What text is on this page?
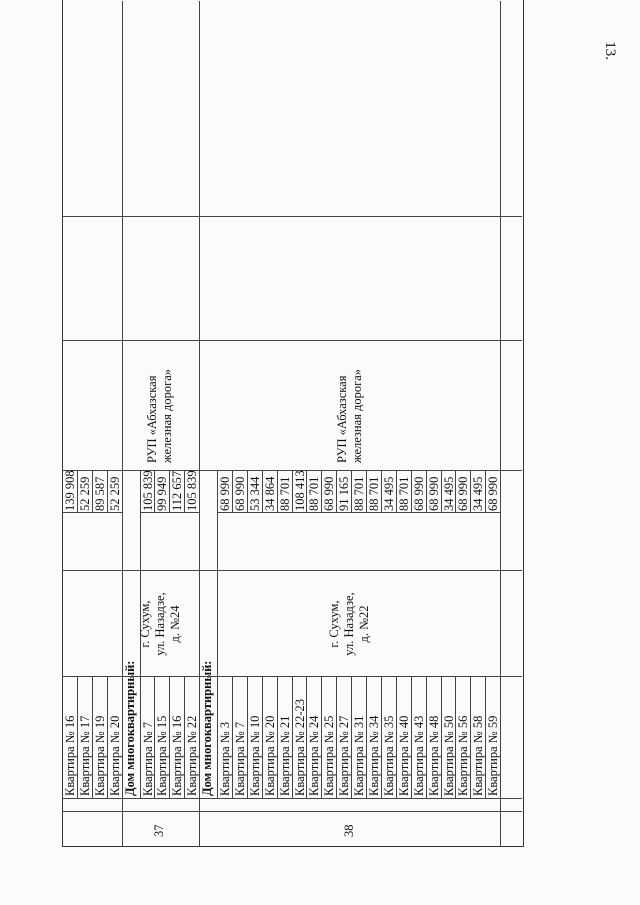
13.
Квартира № 16
139 908
Квартира № 17
52 259
Квартира № 19
89 587
Квартира № 20
52 259
Дом многоквартирный: Квартира № 7
105 839
Квартира № 15
99 949
Квартира № 16
112 657
Квартира № 22
105 839
Дом многоквартирный: Квартира № 3
68 990
Квартира № 7
68 990
Квартира № 10
53 344
Квартира № 20
34 864
Квартира № 21
88 701
Квартира № 22-23
108 413
Квартира № 24
88 701
Квартира № 25
68 990
Квартира № 27
91 165
Квартира № 31
88 701
Квартира № 34
88 701
Квартира № 35
34 495
Квартира № 40
88 701
Квартира № 43
68 990
Квартира № 48
68 990
Квартира № 50
34 495
Квартира № 56
68 990
Квартира № 58
34 495
Квартира № 59
68 990
37
г. Сухум, ул. Назадзе, д. №24
РУП «Абхазская железная дорога»
38
г. Сухум, ул. Назадзе, д. №22
РУП «Абхазская железная дорога»
